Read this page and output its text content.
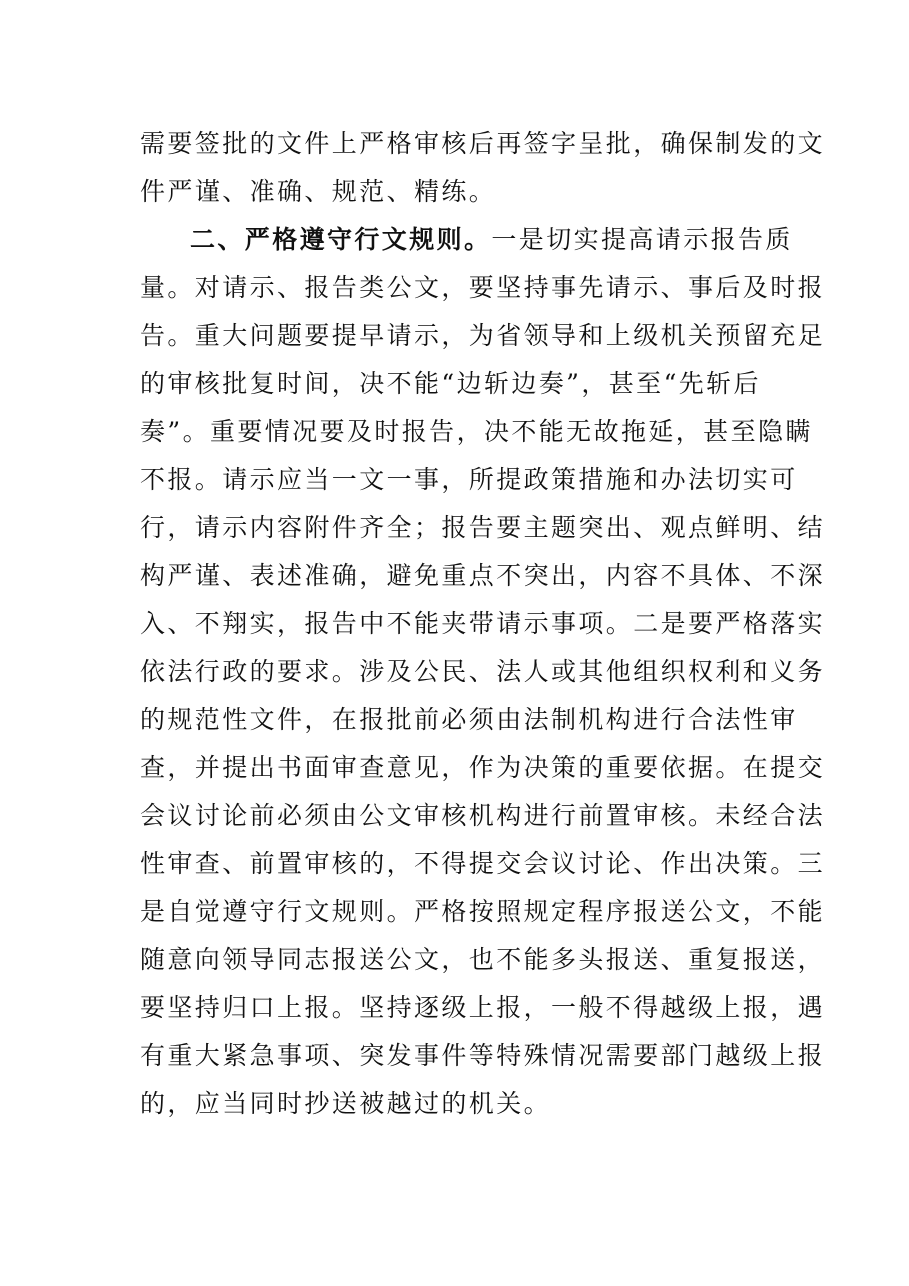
需要签批的文件上严格审核后再签字呈批，确保制发的文
件严谨、准确、规范、精练。
二、严格遵守行文规则。一是切实提高请示报告质
量。对请示、报告类公文，要坚持事先请示、事后及时报
告。重大问题要提早请示，为省领导和上级机关预留充足
的审核批复时间，决不能“边斩边奏”，甚至“先斩后
奏”。重要情况要及时报告，决不能无故拖延，甚至隐瞒
不报。请示应当一文一事，所提政策措施和办法切实可
行，请示内容附件齐全；报告要主题突出、观点鲜明、结
构严谨、表述准确，避免重点不突出，内容不具体、不深
入、不翔实，报告中不能夹带请示事项。二是要严格落实
依法行政的要求。涉及公民、法人或其他组织权利和义务
的规范性文件，在报批前必须由法制机构进行合法性审
查，并提出书面审查意见，作为决策的重要依据。在提交
会议讨论前必须由公文审核机构进行前置审核。未经合法
性审查、前置审核的，不得提交会议讨论、作出决策。三
是自觉遵守行文规则。严格按照规定程序报送公文，不能
随意向领导同志报送公文，也不能多头报送、重复报送，
要坚持归口上报。坚持逐级上报，一般不得越级上报，遇
有重大紧急事项、突发事件等特殊情况需要部门越级上报
的，应当同时抄送被越过的机关。
